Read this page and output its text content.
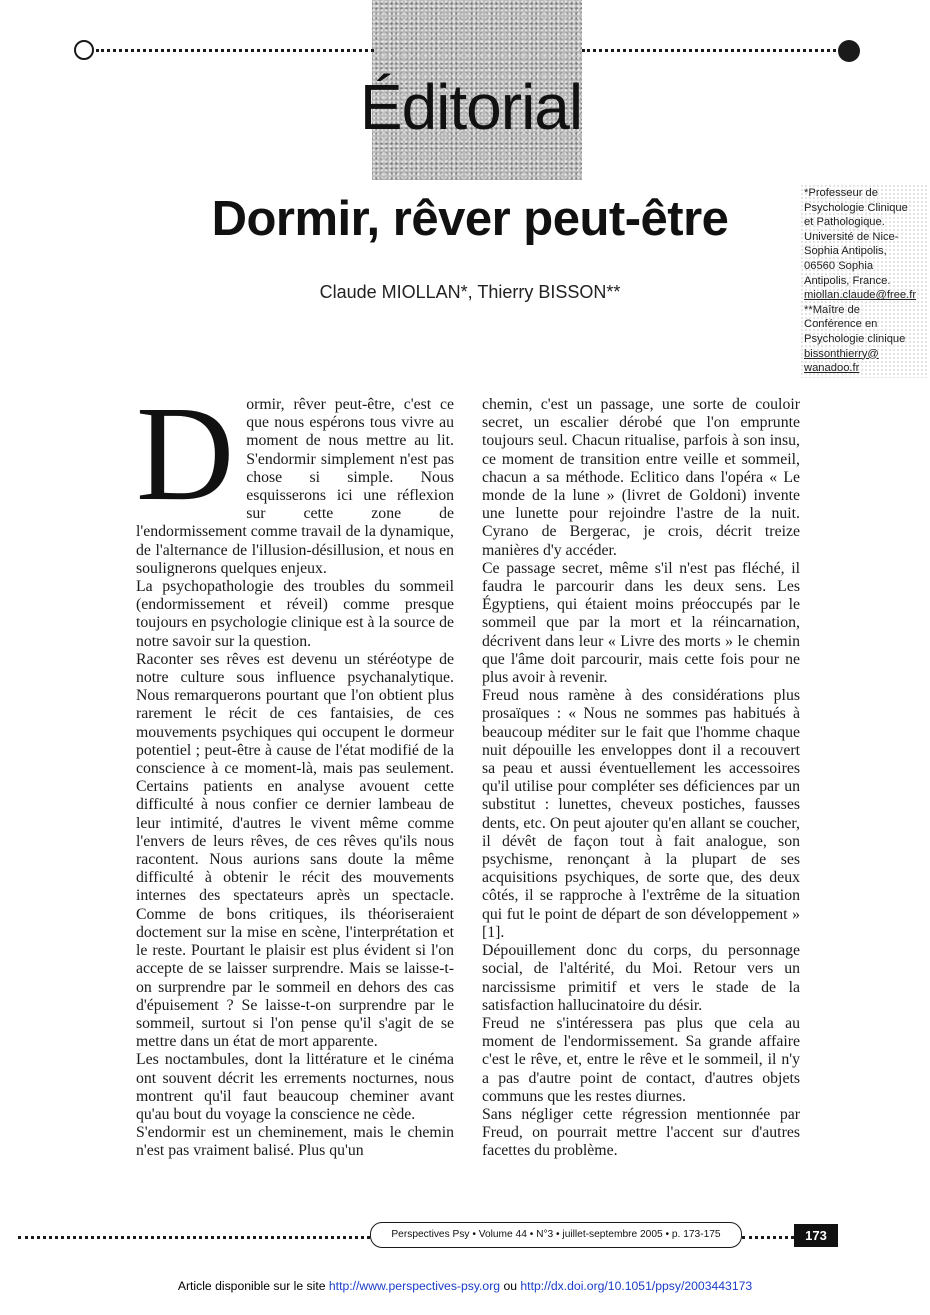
Éditorial
Dormir, rêver peut-être
Claude MIOLLAN*, Thierry BISSON**

*Professeur de

Psychologie Clinique

et Pathologique.

Université de Nice-

Sophia Antipolis,

06560 Sophia

Antipolis, France.

miollan.claude@free.fr

**Maître de

Conférence en

Psychologie clinique

bissonthierry@

wanadoo.fr

D ormir, rêver peut-être, c'est ce que nous espérons tous vivre au moment de nous mettre au lit. S'endormir simplement n'est pas chose si simple. Nous esquisserons ici une réflexion sur cette zone de l'endormissement comme travail de la dynamique, de l'alternance de l'illusion-désillusion, et nous en soulignerons quelques enjeux.

La psychopathologie des troubles du sommeil (endormissement et réveil) comme presque toujours en psychologie clinique est à la source de notre savoir sur la question.

Raconter ses rêves est devenu un stéréotype de notre culture sous influence psychanalytique. Nous remarquerons pourtant que l'on obtient plus rarement le récit de ces fantaisies, de ces mouvements psychiques qui occupent le dormeur potentiel ; peut-être à cause de l'état modifié de la conscience à ce moment-là, mais pas seulement. Certains patients en analyse avouent cette difficulté à nous confier ce dernier lambeau de leur intimité, d'autres le vivent même comme l'envers de leurs rêves, de ces rêves qu'ils nous racontent. Nous aurions sans doute la même difficulté à obtenir le récit des mouvements internes des spectateurs après un spectacle. Comme de bons critiques, ils théoriseraient doctement sur la mise en scène, l'interprétation et le reste. Pourtant le plaisir est plus évident si l'on accepte de se laisser surprendre. Mais se laisse-t-on surprendre par le sommeil en dehors des cas d'épuisement ? Se laisse-t-on surprendre par le sommeil, surtout si l'on pense qu'il s'agit de se mettre dans un état de mort apparente.

Les noctambules, dont la littérature et le cinéma ont souvent décrit les errements nocturnes, nous montrent qu'il faut beaucoup cheminer avant qu'au bout du voyage la conscience ne cède.

S'endormir est un cheminement, mais le chemin n'est pas vraiment balisé. Plus qu'un

chemin, c'est un passage, une sorte de couloir secret, un escalier dérobé que l'on emprunte toujours seul. Chacun ritualise, parfois à son insu, ce moment de transition entre veille et sommeil, chacun a sa méthode. Eclitico dans l'opéra « Le monde de la lune » (livret de Goldoni) invente une lunette pour rejoindre l'astre de la nuit. Cyrano de Bergerac, je crois, décrit treize manières d'y accéder.

Ce passage secret, même s'il n'est pas fléché, il faudra le parcourir dans les deux sens. Les Égyptiens, qui étaient moins préoccupés par le sommeil que par la mort et la réincarnation, décrivent dans leur « Livre des morts » le chemin que l'âme doit parcourir, mais cette fois pour ne plus avoir à revenir.

Freud nous ramène à des considérations plus prosaïques : « Nous ne sommes pas habitués à beaucoup méditer sur le fait que l'homme chaque nuit dépouille les enveloppes dont il a recouvert sa peau et aussi éventuellement les accessoires qu'il utilise pour compléter ses déficiences par un substitut : lunettes, cheveux postiches, fausses dents, etc. On peut ajouter qu'en allant se coucher, il dévêt de façon tout à fait analogue, son psychisme, renonçant à la plupart de ses acquisitions psychiques, de sorte que, des deux côtés, il se rapproche à l'extrême de la situation qui fut le point de départ de son développement » [1].

Dépouillement donc du corps, du personnage social, de l'altérité, du Moi. Retour vers un narcissisme primitif et vers le stade de la satisfaction hallucinatoire du désir.

Freud ne s'intéressera pas plus que cela au moment de l'endormissement. Sa grande affaire c'est le rêve, et, entre le rêve et le sommeil, il n'y a pas d'autre point de contact, d'autres objets communs que les restes diurnes.

Sans négliger cette régression mentionnée par Freud, on pourrait mettre l'accent sur d'autres facettes du problème.

Perspectives Psy • Volume 44 • N°3 • juillet-septembre 2005 • p. 173-175	173
Article disponible sur le site http://www.perspectives-psy.org ou http://dx.doi.org/10.1051/ppsy/2003443173
